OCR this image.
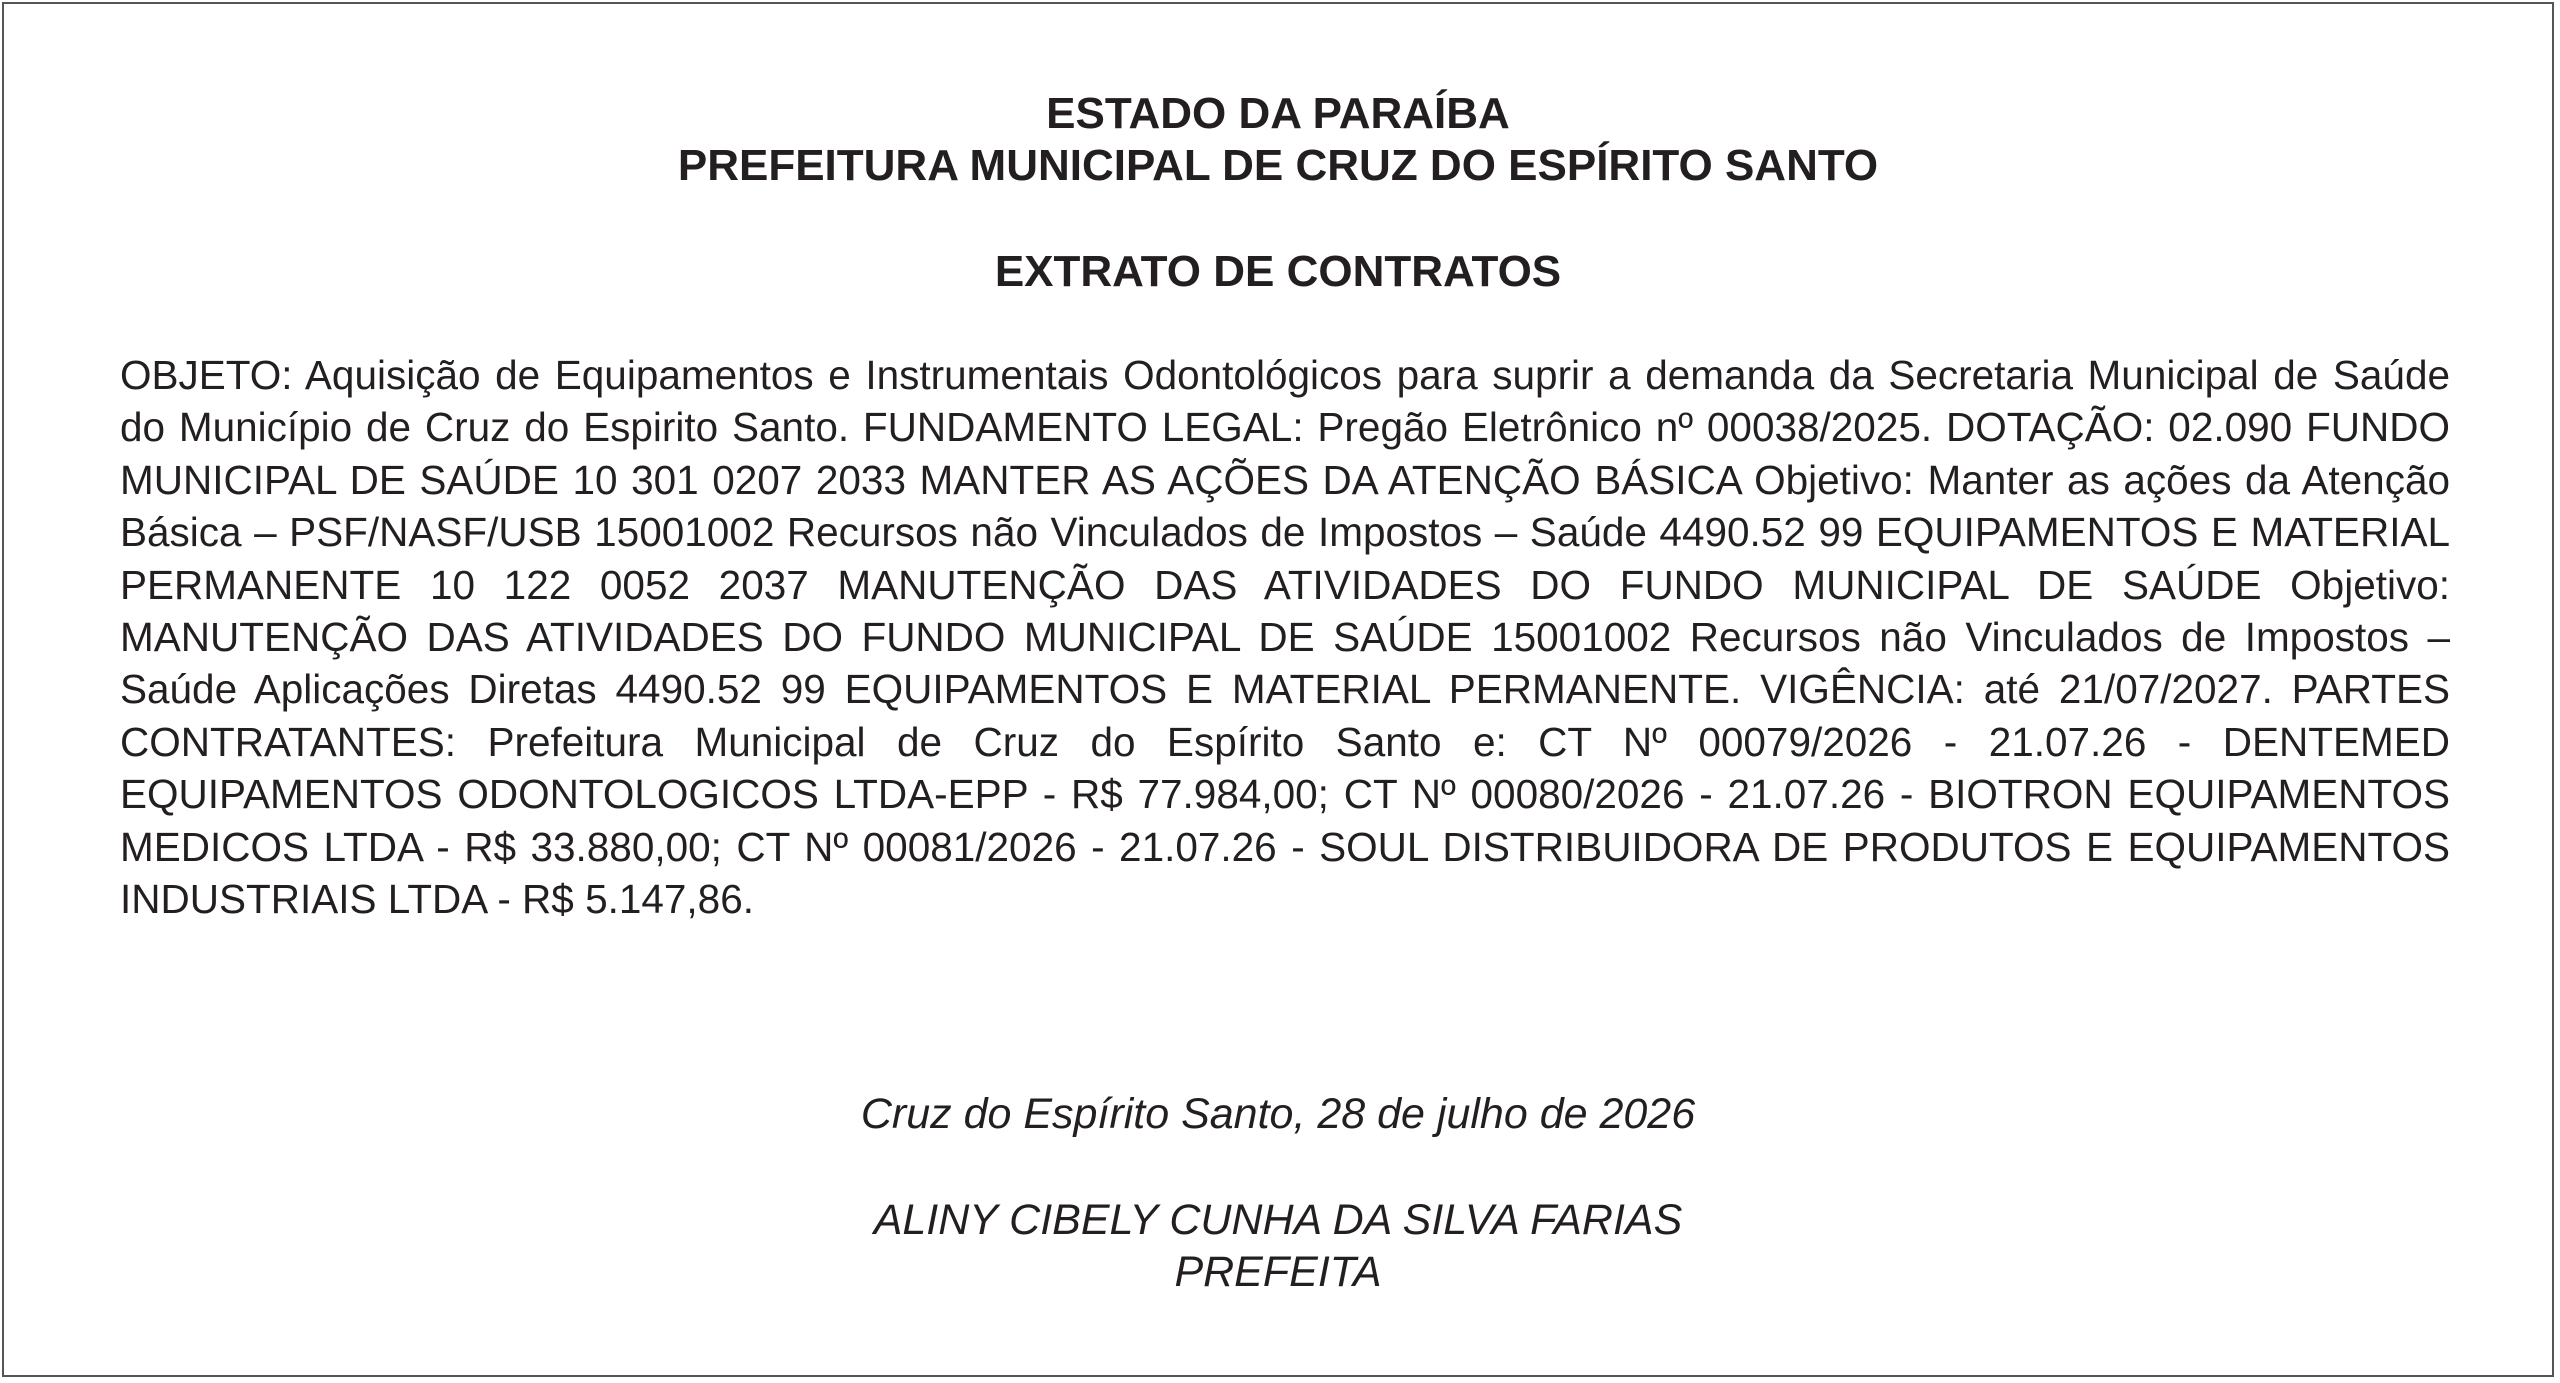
ESTADO DA PARAÍBA
PREFEITURA MUNICIPAL DE CRUZ DO ESPÍRITO SANTO
EXTRATO DE CONTRATOS

OBJETO: Aquisição de Equipamentos e Instrumentais Odontológicos para suprir a demanda da Secretaria Municipal de Saúde do Município de Cruz do Espirito Santo. FUNDAMENTO LEGAL: Pregão Eletrônico nº 00038/2025. DOTAÇÃO: 02.090 FUNDO MUNICIPAL DE SAÚDE 10 301 0207 2033 MANTER AS AÇÕES DA ATENÇÃO BÁSICA Objetivo: Manter as ações da Atenção Básica – PSF/NASF/USB 15001002 Recursos não Vinculados de Impostos – Saúde 4490.52 99 EQUIPAMENTOS E MATERIAL PERMANENTE 10 122 0052 2037 MANUTENÇÃO DAS ATIVIDADES DO FUNDO MUNICIPAL DE SAÚDE Objetivo: MANUTENÇÃO DAS ATIVIDADES DO FUNDO MUNICIPAL DE SAÚDE 15001002 Recursos não Vinculados de Impostos – Saúde Aplicações Diretas 4490.52 99 EQUIPAMENTOS E MATERIAL PERMANENTE. VIGÊNCIA: até 21/07/2027. PARTES CONTRATANTES: Prefeitura Municipal de Cruz do Espírito Santo e: CT Nº 00079/2026 - 21.07.26 - DENTEMED EQUIPAMENTOS ODONTOLOGICOS LTDA-EPP - R$ 77.984,00; CT Nº 00080/2026 - 21.07.26 - BIOTRON EQUIPAMENTOS MEDICOS LTDA - R$ 33.880,00; CT Nº 00081/2026 - 21.07.26 - SOUL DISTRIBUIDORA DE PRODUTOS E EQUIPAMENTOS INDUSTRIAIS LTDA - R$ 5.147,86.

Cruz do Espírito Santo, 28 de julho de 2026
ALINY CIBELY CUNHA DA SILVA FARIAS
PREFEITA
